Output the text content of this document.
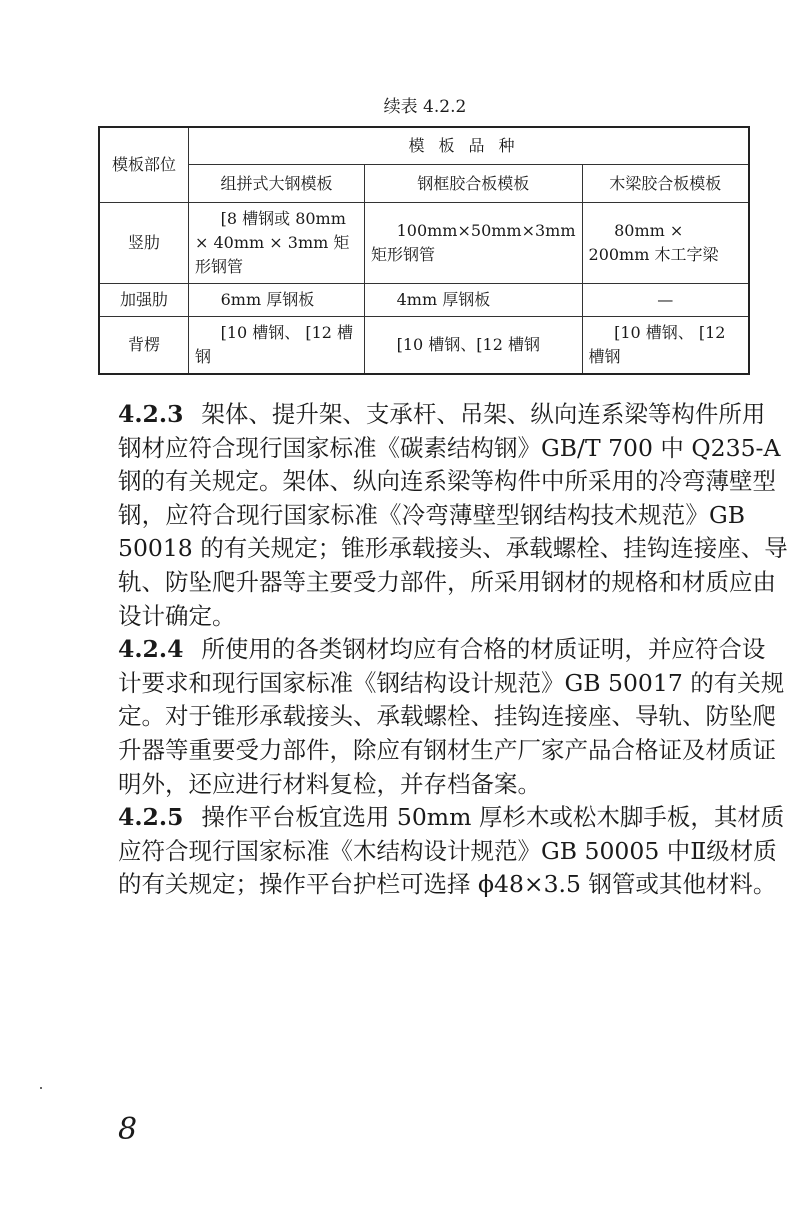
续表 4.2.2
模板部位	模板品种		
	组拼式大钢模板	钢框胶合板模板	木梁胶合板模板
竖肋	[8 槽钢或 80mm × 40mm × 3mm 矩形钢管	100mm×50mm×3mm 矩形钢管	80mm × 200mm 木工字梁
加强肋	6mm 厚钢板	4mm 厚钢板	—
背楞	[10 槽钢、 [12 槽钢	[10 槽钢、[12 槽钢	[10 槽钢、 [12 槽钢
4.2.3 架体、提升架、支承杆、吊架、纵向连系梁等构件所用
钢材应符合现行国家标准《碳素结构钢》GB/T 700 中 Q235-A
钢的有关规定。架体、纵向连系梁等构件中所采用的冷弯薄壁型
钢，应符合现行国家标准《冷弯薄壁型钢结构技术规范》GB
50018 的有关规定；锥形承载接头、承载螺栓、挂钩连接座、导
轨、防坠爬升器等主要受力部件，所采用钢材的规格和材质应由
设计确定。
4.2.4 所使用的各类钢材均应有合格的材质证明，并应符合设
计要求和现行国家标准《钢结构设计规范》GB 50017 的有关规
定。对于锥形承载接头、承载螺栓、挂钩连接座、导轨、防坠爬
升器等重要受力部件，除应有钢材生产厂家产品合格证及材质证
明外，还应进行材料复检，并存档备案。
4.2.5 操作平台板宜选用 50mm 厚杉木或松木脚手板，其材质
应符合现行国家标准《木结构设计规范》GB 50005 中Ⅱ级材质
的有关规定；操作平台护栏可选择 ϕ48×3.5 钢管或其他材料。
8
